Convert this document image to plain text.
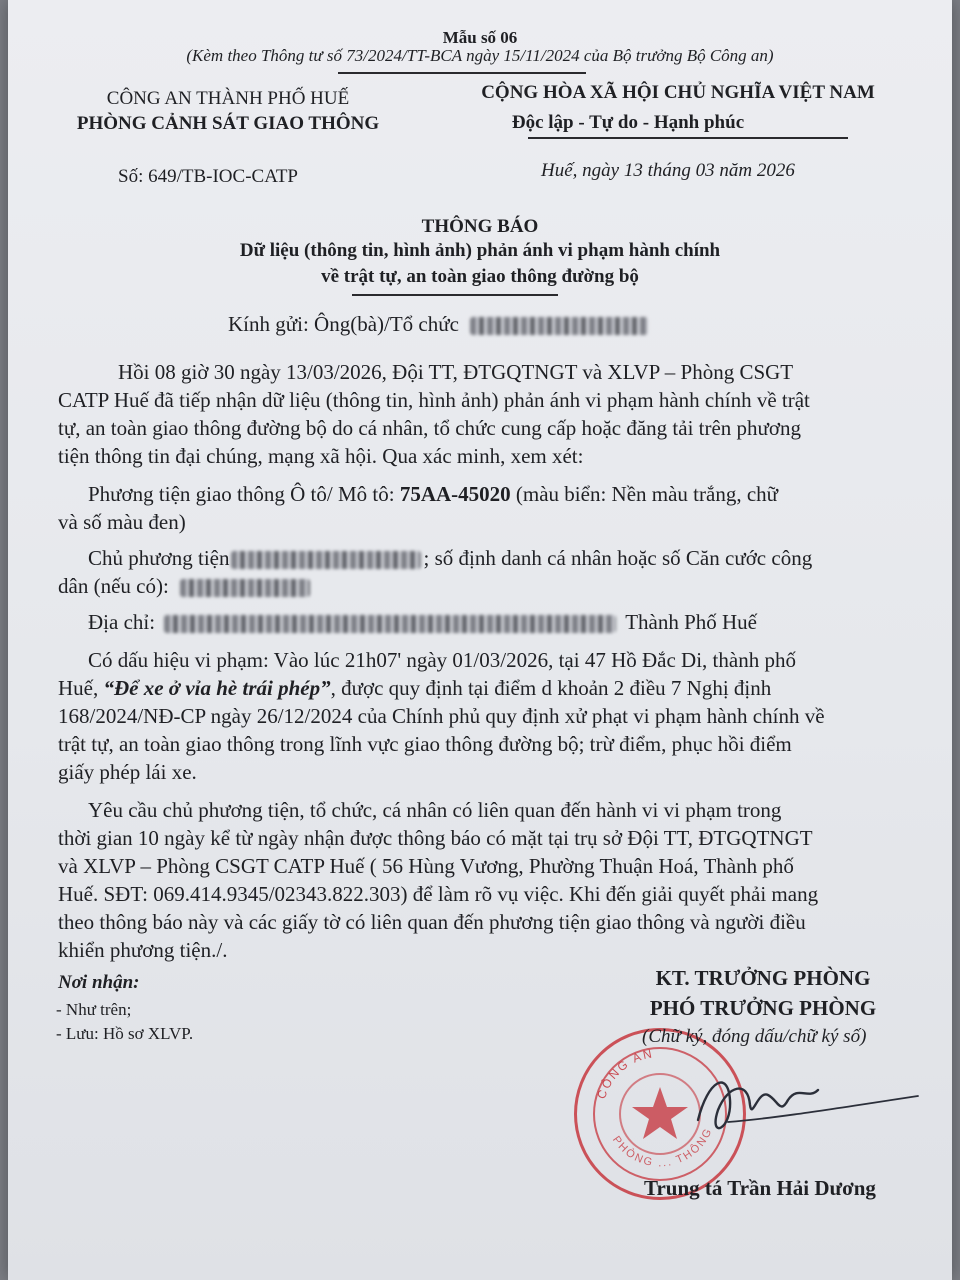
Mẫu số 06
(Kèm theo Thông tư số 73/2024/TT-BCA ngày 15/11/2024 của Bộ trưởng Bộ Công an)
CÔNG AN THÀNH PHỐ HUẾ
PHÒNG CẢNH SÁT GIAO THÔNG
CỘNG HÒA XÃ HỘI CHỦ NGHĨA VIỆT NAM
Độc lập - Tự do - Hạnh phúc
Số: 649/TB-IOC-CATP	Huế, ngày 13 tháng 03 năm 2026
THÔNG BÁO
Dữ liệu (thông tin, hình ảnh) phản ánh vi phạm hành chính
về trật tự, an toàn giao thông đường bộ
Kính gửi: Ông(bà)/Tổ chức
Hồi 08 giờ 30 ngày 13/03/2026, Đội TT, ĐTGQTNGT và XLVP – Phòng CSGT
CATP Huế đã tiếp nhận dữ liệu (thông tin, hình ảnh) phản ánh vi phạm hành chính về trật
tự, an toàn giao thông đường bộ do cá nhân, tổ chức cung cấp hoặc đăng tải trên phương
tiện thông tin đại chúng, mạng xã hội. Qua xác minh, xem xét:
Phương tiện giao thông Ô tô/ Mô tô: 75AA-45020 (màu biển: Nền màu trắng, chữ
và số màu đen)
Chủ phương tiện	; số định danh cá nhân hoặc số Căn cước công
dân (nếu có):
Địa chỉ:	Thành Phố Huế
Có dấu hiệu vi phạm: Vào lúc 21h07' ngày 01/03/2026, tại 47 Hồ Đắc Di, thành phố
Huế, “Để xe ở vỉa hè trái phép”, được quy định tại điểm d khoản 2 điều 7 Nghị định
168/2024/NĐ-CP ngày 26/12/2024 của Chính phủ quy định xử phạt vi phạm hành chính về
trật tự, an toàn giao thông trong lĩnh vực giao thông đường bộ; trừ điểm, phục hồi điểm
giấy phép lái xe.
Yêu cầu chủ phương tiện, tổ chức, cá nhân có liên quan đến hành vi vi phạm trong
thời gian 10 ngày kể từ ngày nhận được thông báo có mặt tại trụ sở Đội TT, ĐTGQTNGT
và XLVP – Phòng CSGT CATP Huế ( 56 Hùng Vương, Phường Thuận Hoá, Thành phố
Huế. SĐT: 069.414.9345/02343.822.303) để làm rõ vụ việc. Khi đến giải quyết phải mang
theo thông báo này và các giấy tờ có liên quan đến phương tiện giao thông và người điều
khiển phương tiện./.
Nơi nhận:
- Như trên;
- Lưu: Hồ sơ XLVP.
CÔNG AN
PHÒNG ... THÔNG
KT. TRƯỞNG PHÒNG
PHÓ TRƯỞNG PHÒNG
(Chữ ký, đóng dấu/chữ ký số)
Trung tá Trần Hải Dương
